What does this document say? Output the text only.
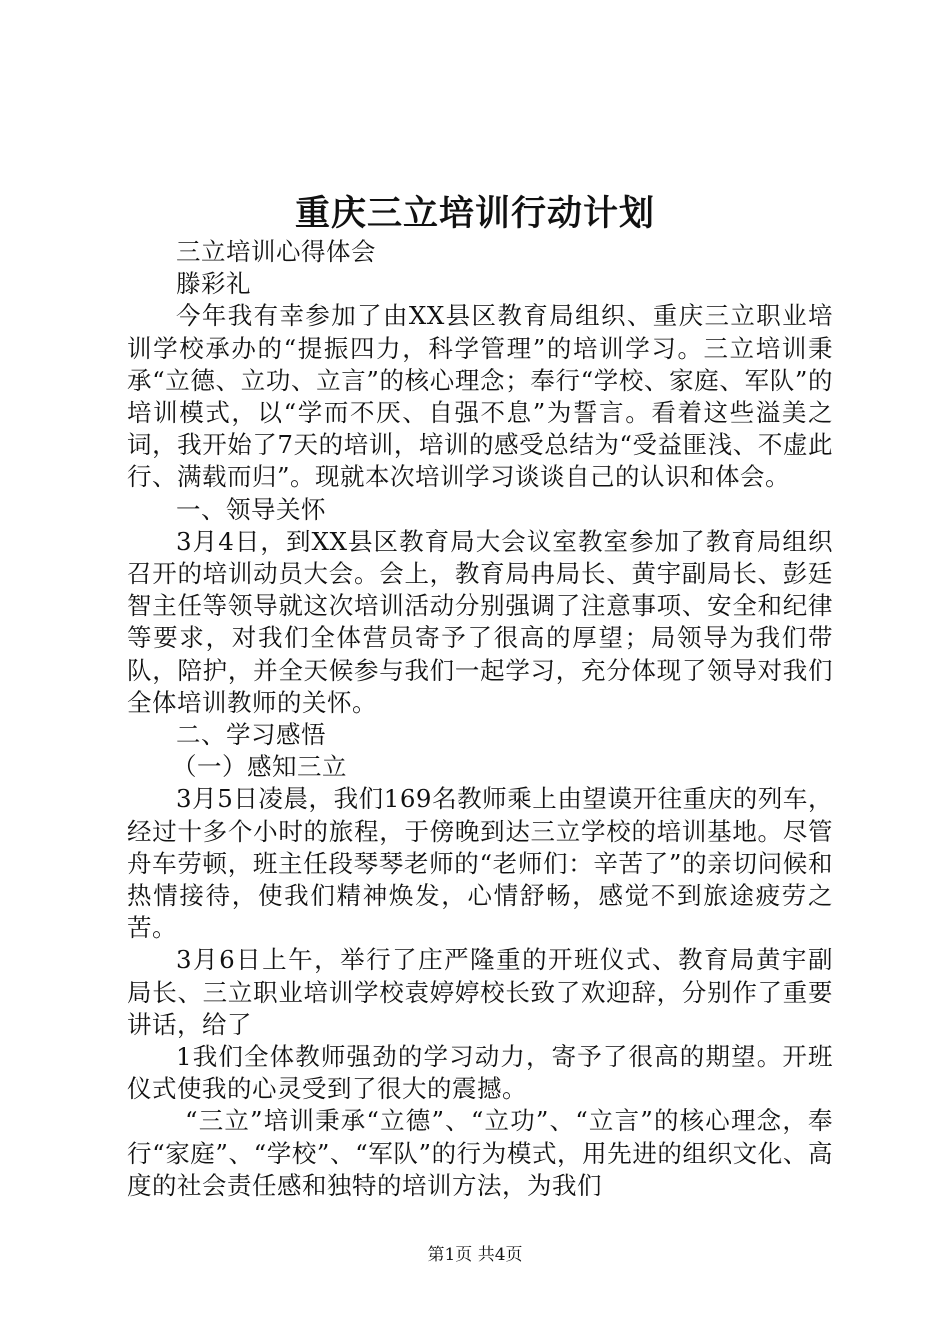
重庆三立培训行动计划

三立培训心得体会

滕彩礼

今年我有幸参加了由XX县区教育局组织、重庆三立职业培训学校承办的“提振四力，科学管理”的培训学习。三立培训秉承“立德、立功、立言”的核心理念；奉行“学校、家庭、军队”的培训模式，以“学而不厌、自强不息”为誓言。看着这些溢美之词，我开始了7天的培训，培训的感受总结为“受益匪浅、不虚此行、满载而归”。现就本次培训学习谈谈自己的认识和体会。

一、领导关怀

3月4日，到XX县区教育局大会议室教室参加了教育局组织召开的培训动员大会。会上，教育局冉局长、黄宇副局长、彭廷智主任等领导就这次培训活动分别强调了注意事项、安全和纪律等要求，对我们全体营员寄予了很高的厚望；局领导为我们带队，陪护，并全天候参与我们一起学习，充分体现了领导对我们全体培训教师的关怀。

二、学习感悟

（一）感知三立

3月5日凌晨，我们169名教师乘上由望谟开往重庆的列车，经过十多个小时的旅程，于傍晚到达三立学校的培训基地。尽管舟车劳顿，班主任段琴琴老师的“老师们：辛苦了”的亲切问候和热情接待，使我们精神焕发，心情舒畅，感觉不到旅途疲劳之苦。

3月6日上午，举行了庄严隆重的开班仪式、教育局黄宇副局长、三立职业培训学校袁婷婷校长致了欢迎辞，分别作了重要讲话，给了

1我们全体教师强劲的学习动力，寄予了很高的期望。开班仪式使我的心灵受到了很大的震撼。

“三立”培训秉承“立德”、“立功”、“立言”的核心理念，奉行“家庭”、“学校”、“军队”的行为模式，用先进的组织文化、高度的社会责任感和独特的培训方法，为我们

第1页 共4页
